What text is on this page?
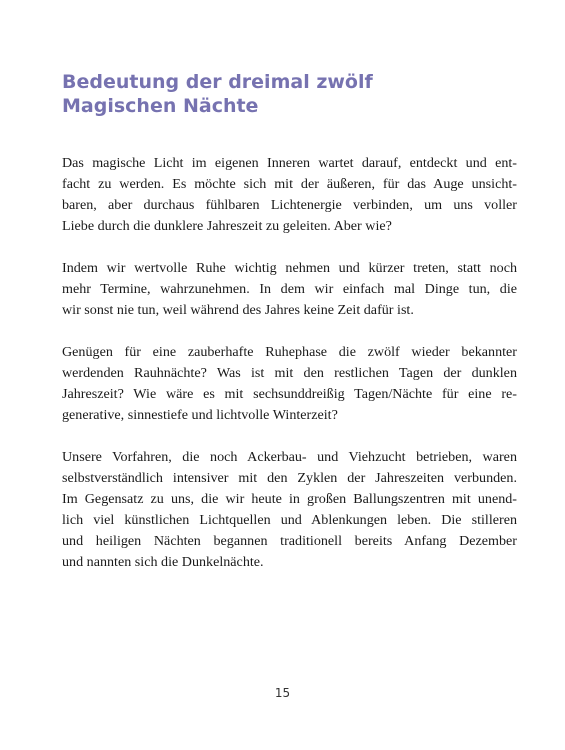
Bedeutung der dreimal zwölf
Magischen Nächte

Das magische Licht im eigenen Inneren wartet darauf, entdeckt und ent-
facht zu werden. Es möchte sich mit der äußeren, für das Auge unsicht-
baren, aber durchaus fühlbaren Lichtenergie verbinden, um uns voller
Liebe durch die dunklere Jahreszeit zu geleiten. Aber wie?

Indem wir wertvolle Ruhe wichtig nehmen und kürzer treten, statt noch
mehr Termine, wahrzunehmen. In dem wir einfach mal Dinge tun, die
wir sonst nie tun, weil während des Jahres keine Zeit dafür ist.

Genügen für eine zauberhafte Ruhephase die zwölf wieder bekannter
werdenden Rauhnächte? Was ist mit den restlichen Tagen der dunklen
Jahreszeit? Wie wäre es mit sechsunddreißig Tagen/Nächte für eine re-
generative, sinnestiefe und lichtvolle Winterzeit?

Unsere Vorfahren, die noch Ackerbau- und Viehzucht betrieben, waren
selbstverständlich intensiver mit den Zyklen der Jahreszeiten verbunden.
Im Gegensatz zu uns, die wir heute in großen Ballungszentren mit unend-
lich viel künstlichen Lichtquellen und Ablenkungen leben. Die stilleren
und heiligen Nächten begannen traditionell bereits Anfang Dezember
und nannten sich die Dunkelnächte.

15
